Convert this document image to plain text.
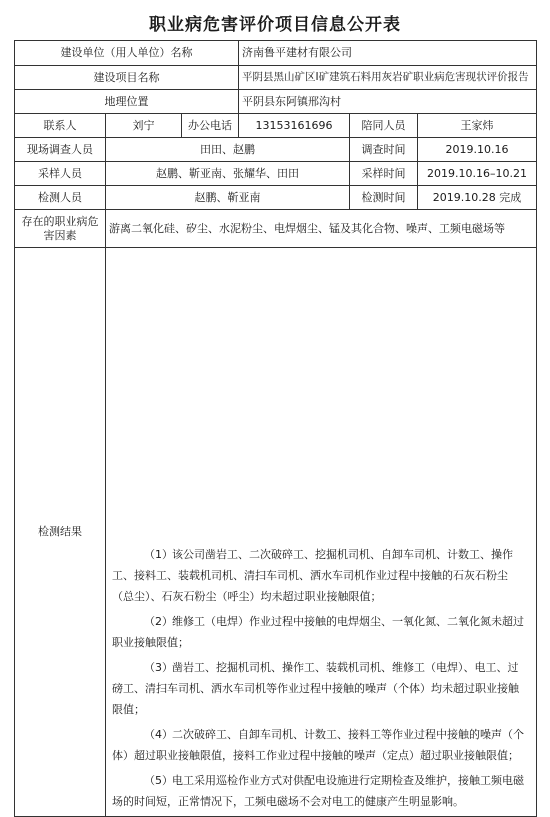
职业病危害评价项目信息公开表
建设单位（用人单位）名称			济南鲁平建材有限公司		
建设项目名称			平阴县黑山矿区Ⅰ矿建筑石料用灰岩矿职业病危害现状评价报告		
地理位置			平阴县东阿镇邢沟村		
联系人	刘宁	办公电话	13153161696	陪同人员	王家炜
现场调查人员	田田、赵鹏			调查时间	2019.10.16
采样人员	赵鹏、靳亚南、张耀华、田田			采样时间	2019.10.16–10.21
检测人员	赵鹏、靳亚南			检测时间	2019.10.28 完成
存在的职业病危害因素	游离二氧化硅、矽尘、水泥粉尘、电焊烟尘、锰及其化合物、噪声、工频电磁场等				
检测结果	（1）该公司凿岩工、二次破碎工、挖掘机司机、自卸车司机、计数工、操作工、接料工、装载机司机、清扫车司机、洒水车司机作业过程中接触的石灰石粉尘（总尘）、石灰石粉尘（呼尘）均未超过职业接触限值；

（2）维修工（电焊）作业过程中接触的电焊烟尘、一氧化氮、二氧化氮未超过职业接触限值；

（3）凿岩工、挖掘机司机、操作工、装载机司机、维修工（电焊）、电工、过磅工、清扫车司机、洒水车司机等作业过程中接触的噪声（个体）均未超过职业接触限值；

（4）二次破碎工、自卸车司机、计数工、接料工等作业过程中接触的噪声（个体）超过职业接触限值，接料工作业过程中接触的噪声（定点）超过职业接触限值；

（5）电工采用巡检作业方式对供配电设施进行定期检查及维护，接触工频电磁场的时间短，正常情况下，工频电磁场不会对电工的健康产生明显影响。				
